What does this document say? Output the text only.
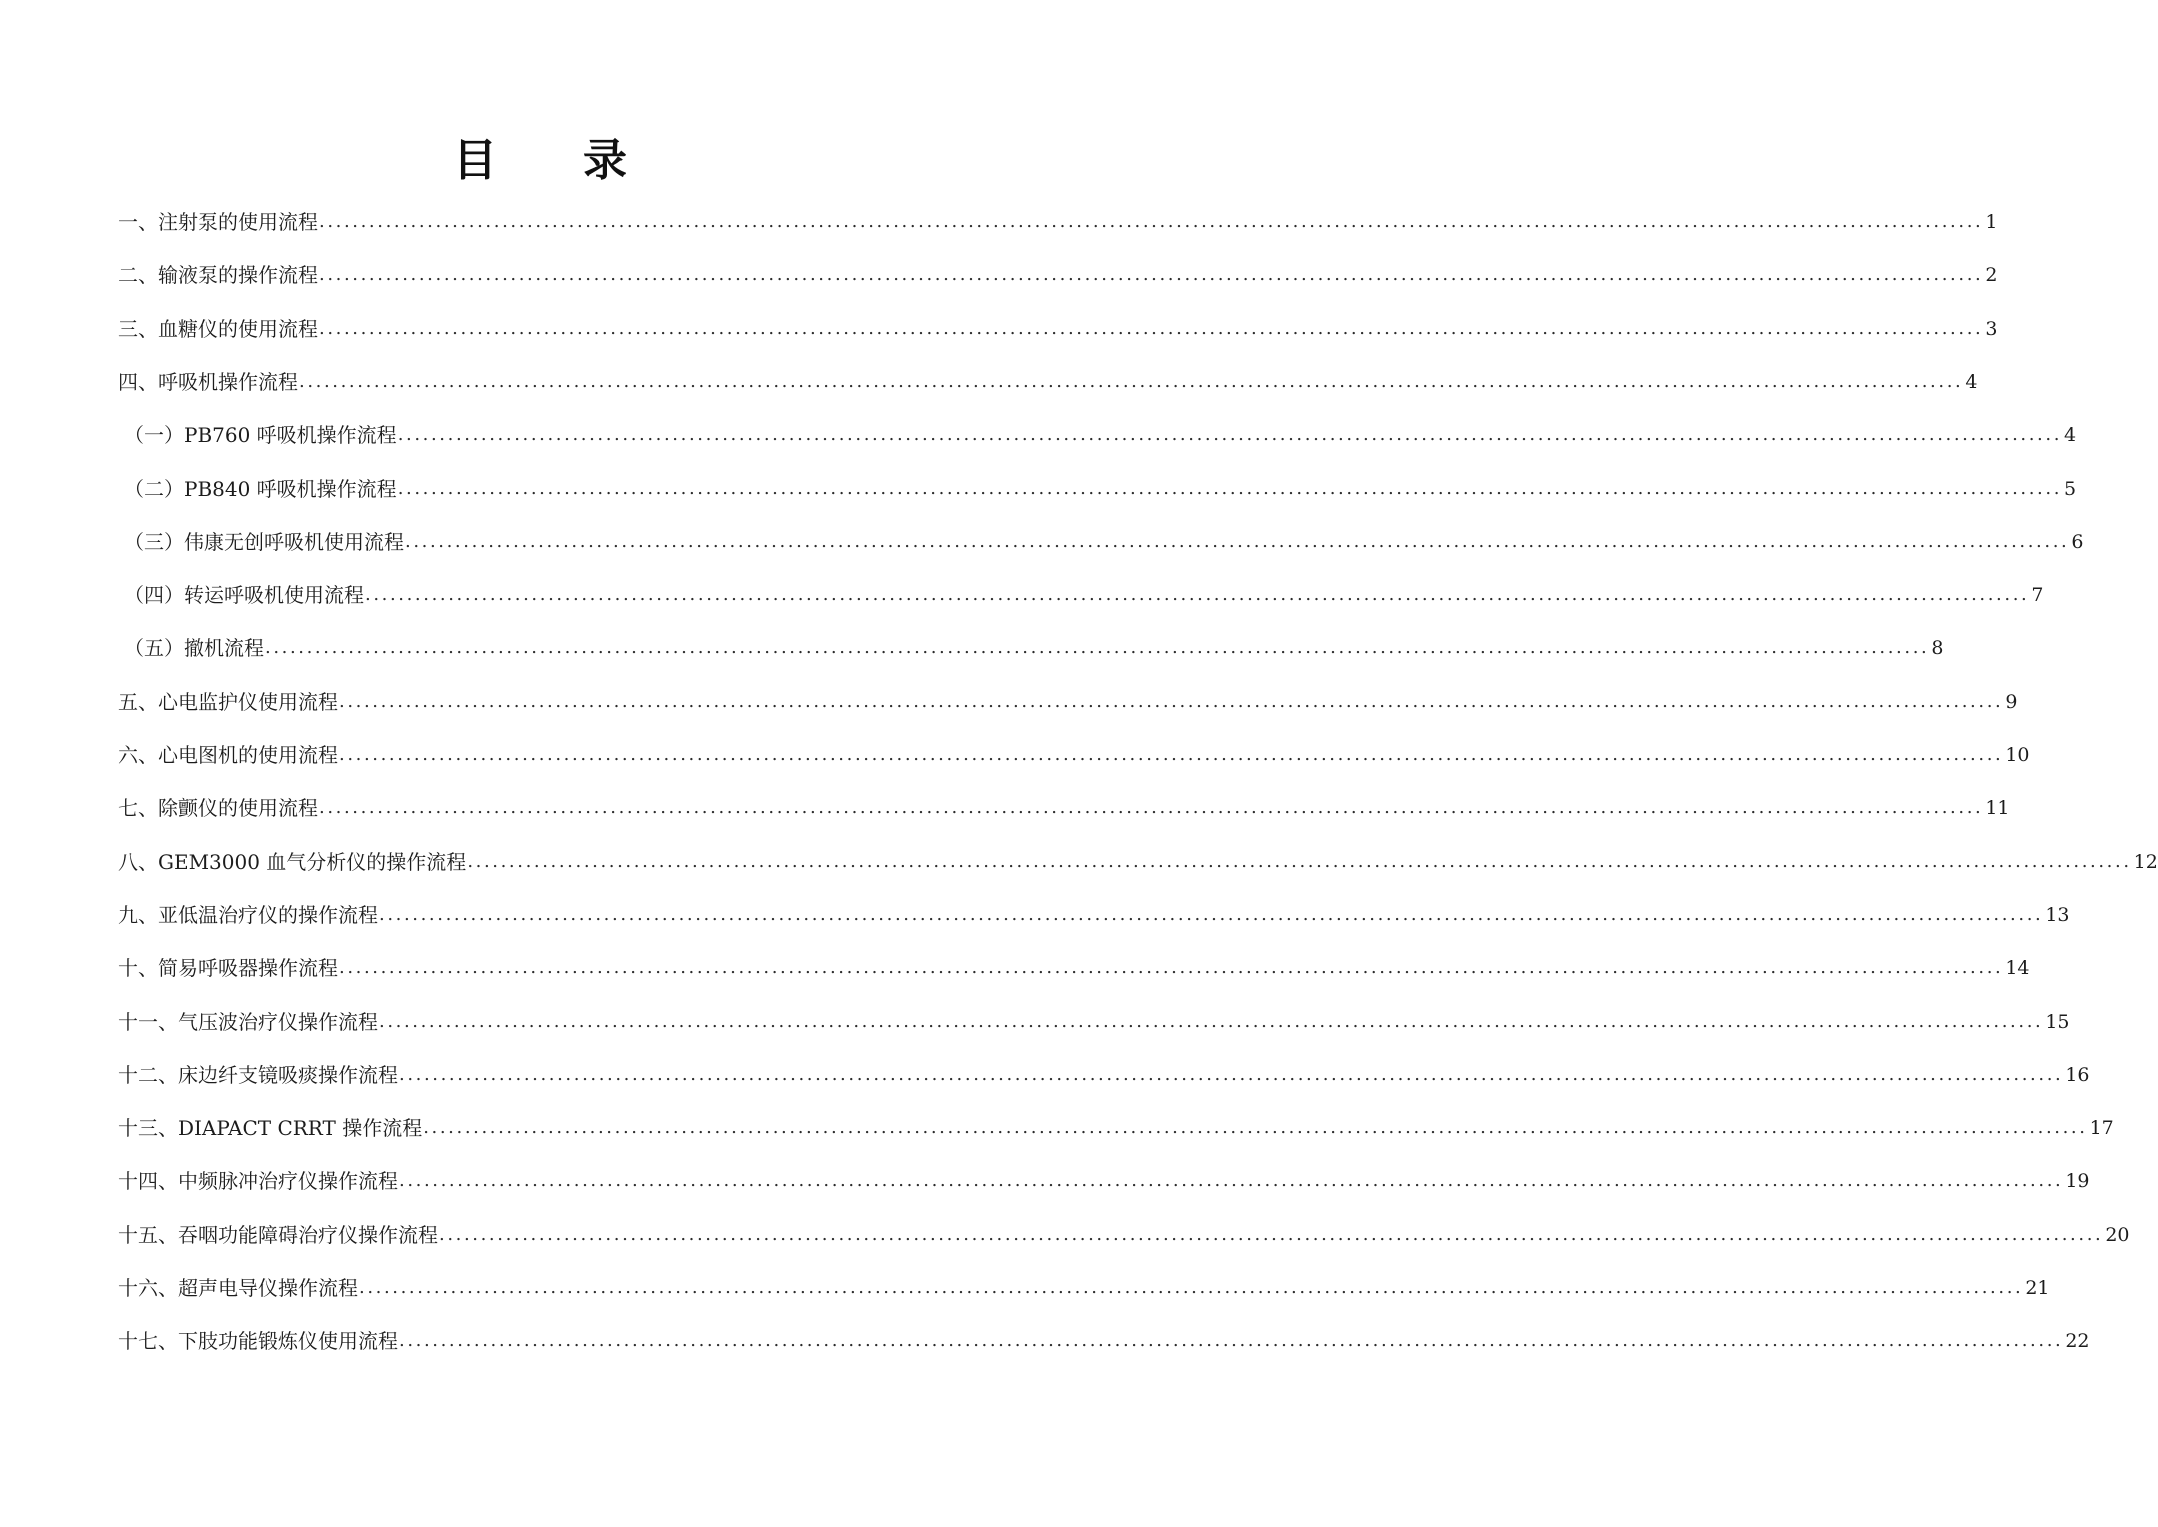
目 录
一、注射泵的使用流程 ........................................................................................................................................................................................................ 1
二、输液泵的操作流程 ........................................................................................................................................................................................................ 2
三、血糖仪的使用流程 ........................................................................................................................................................................................................ 3
四、呼吸机操作流程 ........................................................................................................................................................................................................ 4
（一）PB760 呼吸机操作流程 ........................................................................................................................................................................................................ 4
（二）PB840 呼吸机操作流程 ........................................................................................................................................................................................................ 5
（三）伟康无创呼吸机使用流程 ........................................................................................................................................................................................................ 6
（四）转运呼吸机使用流程 ........................................................................................................................................................................................................ 7
（五）撤机流程 ........................................................................................................................................................................................................ 8
五、心电监护仪使用流程 ........................................................................................................................................................................................................ 9
六、心电图机的使用流程 ........................................................................................................................................................................................................ 10
七、除颤仪的使用流程 ........................................................................................................................................................................................................ 11
八、GEM3000 血气分析仪的操作流程 ........................................................................................................................................................................................................ 12
九、亚低温治疗仪的操作流程 ........................................................................................................................................................................................................ 13
十、简易呼吸器操作流程 ........................................................................................................................................................................................................ 14
十一、气压波治疗仪操作流程 ........................................................................................................................................................................................................ 15
十二、床边纤支镜吸痰操作流程 ........................................................................................................................................................................................................ 16
十三、DIAPACT CRRT 操作流程 ........................................................................................................................................................................................................ 17
十四、中频脉冲治疗仪操作流程 ........................................................................................................................................................................................................ 19
十五、吞咽功能障碍治疗仪操作流程 ........................................................................................................................................................................................................ 20
十六、超声电导仪操作流程 ........................................................................................................................................................................................................ 21
十七、下肢功能锻炼仪使用流程 ........................................................................................................................................................................................................ 22
